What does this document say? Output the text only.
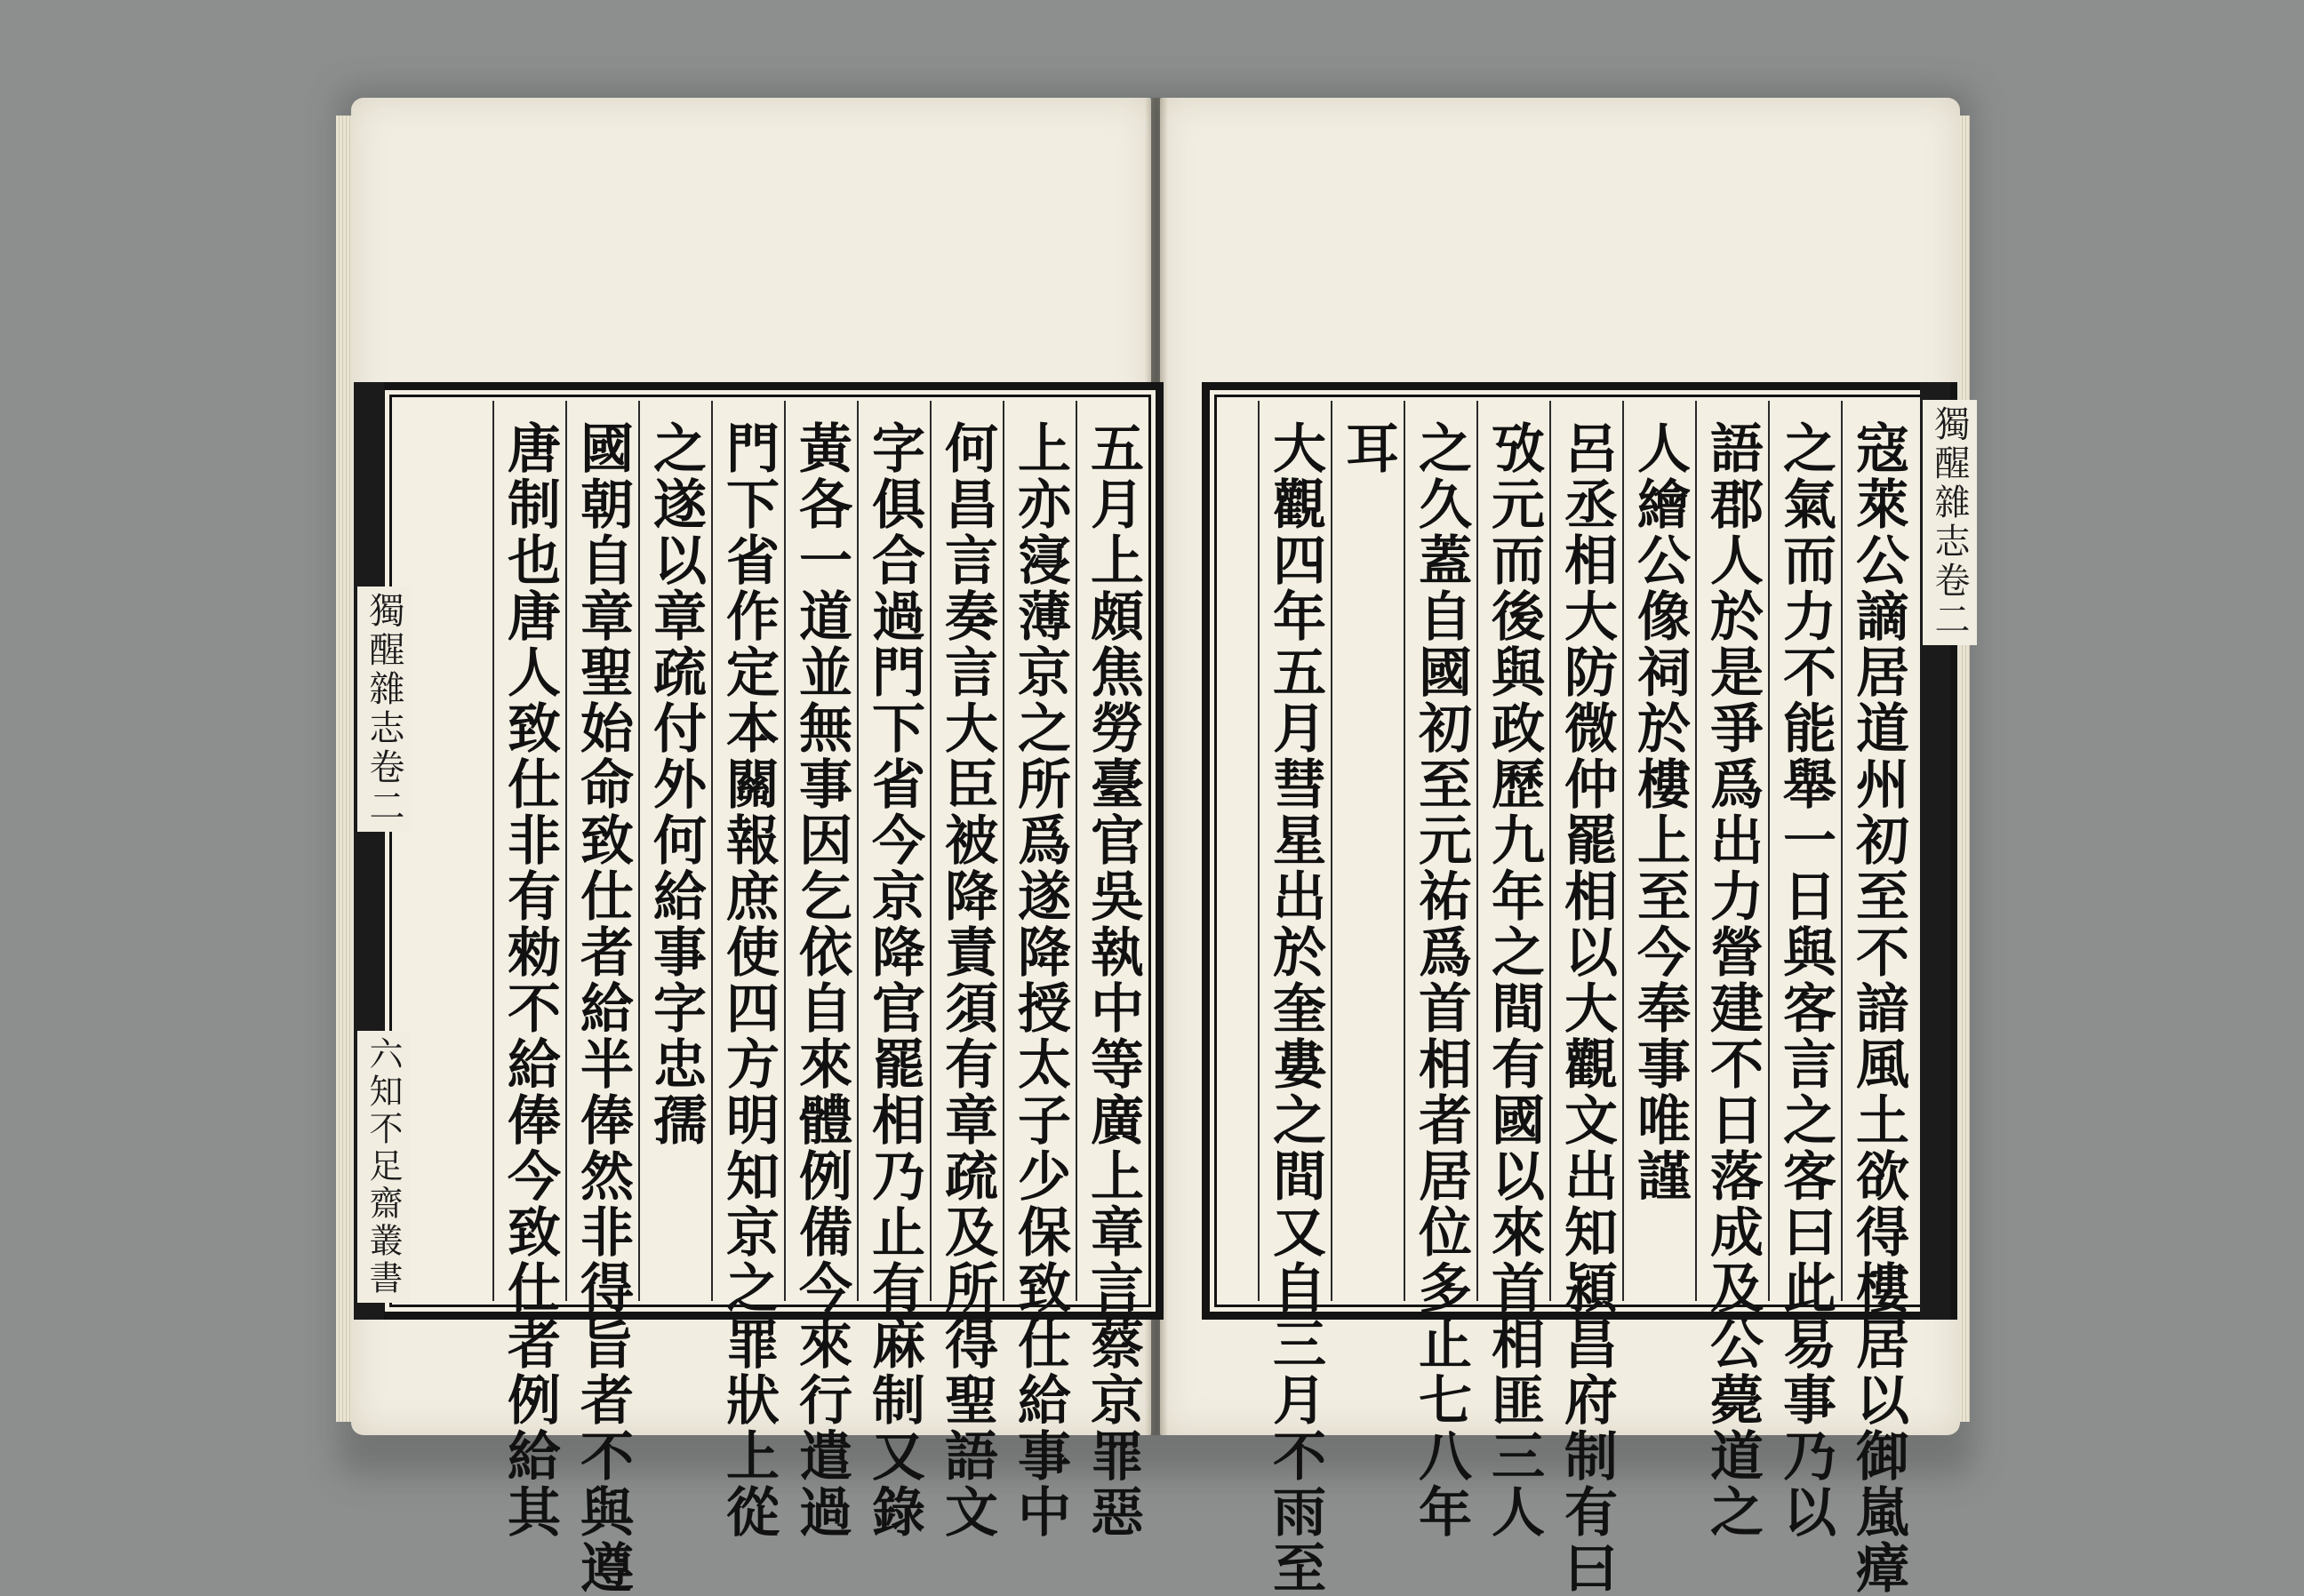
五月上頗焦勞臺官吳執中等廣上章言蔡京罪惡
上亦寖薄京之所爲遂降授太子少保致仕給事中
何昌言奏言大臣被降責須有章疏及所得聖語文
字俱合過門下省今京降官罷相乃止有麻制又錄
黃各一道並無事因乞依自來體例備今來行遣過
門下省作定本關報庶使四方明知京之罪狀上從
之遂以章疏付外何給事字忠孺
國朝自章聖始命致仕者給半俸然非得旨者不與遵
唐制也唐人致仕非有勑不給俸今致仕者例給其
獨醒雜志卷二
六知不足齋叢書	寇萊公謫居道州初至不諳風土欲得樓居以御嵐瘴
之氣而力不能舉一日與客言之客曰此易事乃以
語郡人於是爭爲出力營建不日落成及公薨道之
人繪公像祠於樓上至今奉事唯謹
呂丞相大防微仲罷相以大觀文出知潁昌府制有曰
攷元而後與政歷九年之間有國以來首相匪三人
之久蓋自國初至元祐爲首相者居位多止七八年
耳
大觀四年五月彗星出於奎婁之間又自三月不雨至	獨醒雜志卷二
